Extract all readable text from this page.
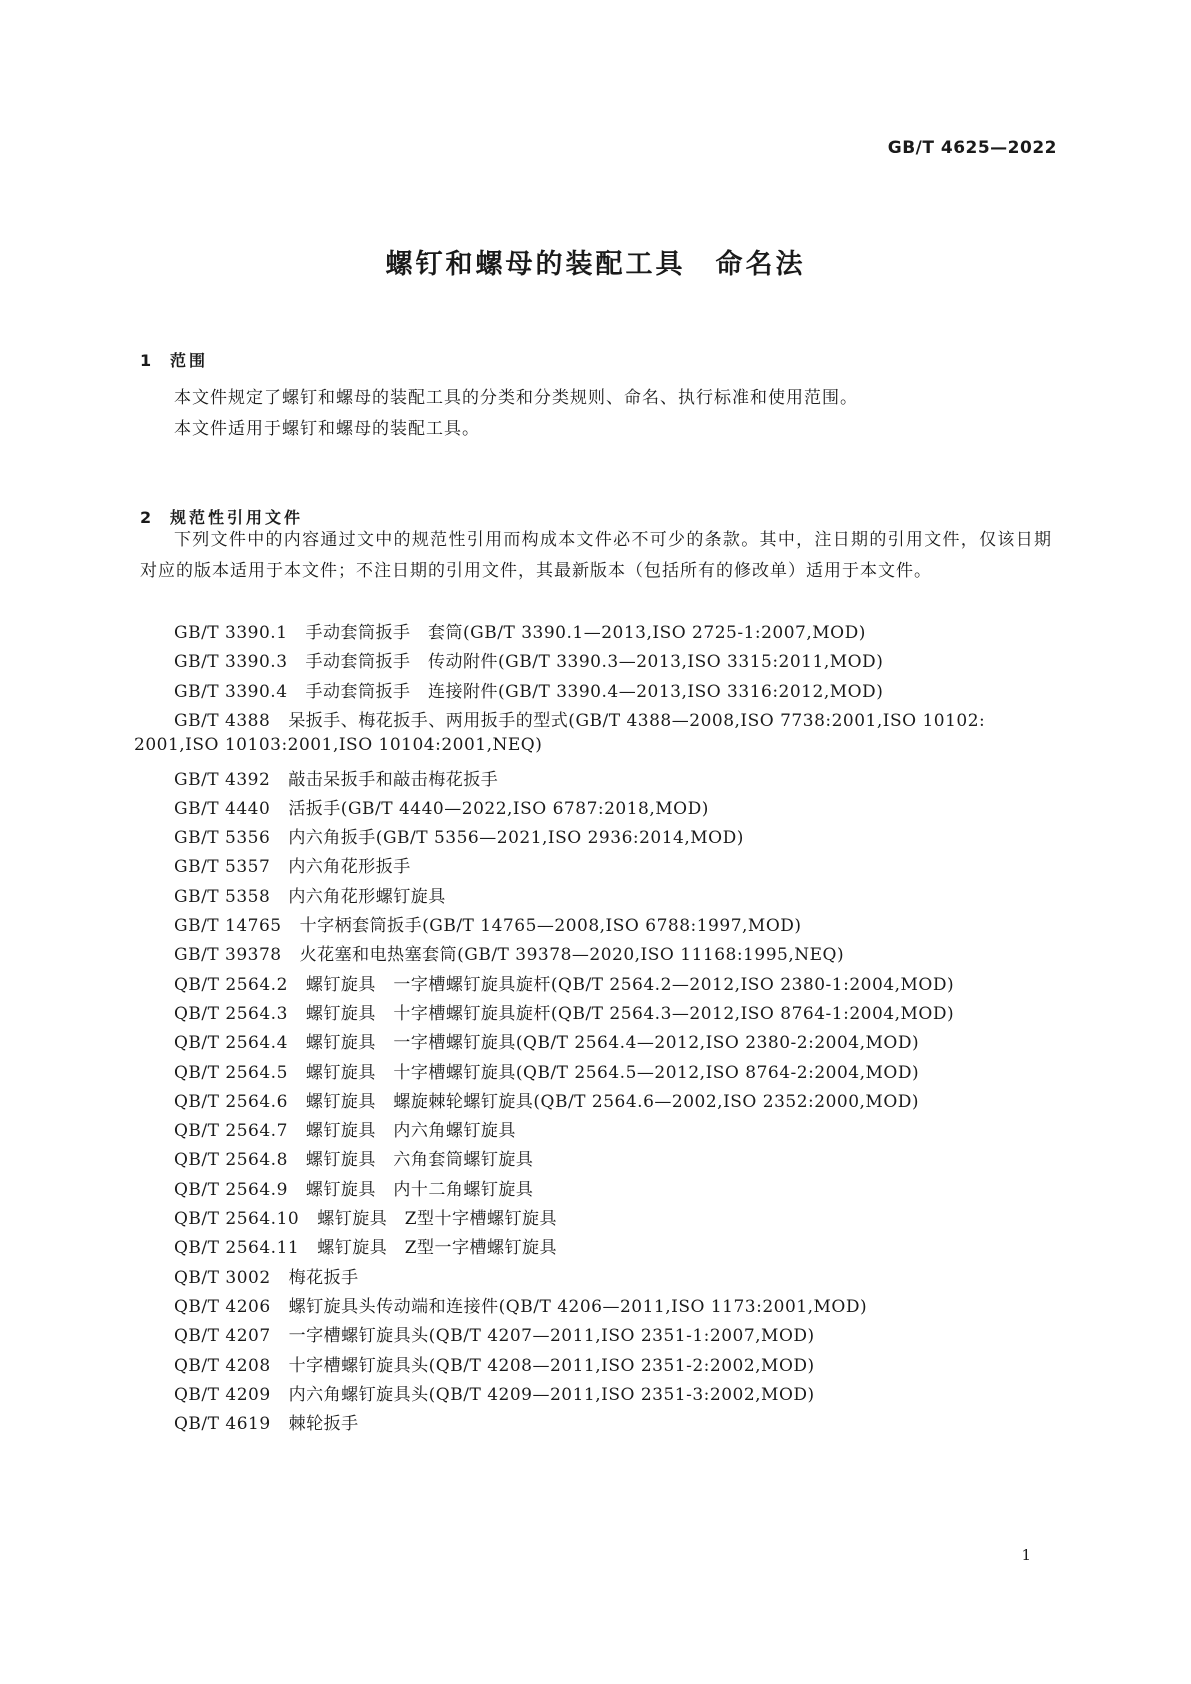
GB/T 4625—2022
螺钉和螺母的装配工具　命名法
1 范围
本文件规定了螺钉和螺母的装配工具的分类和分类规则、命名、执行标准和使用范围。
本文件适用于螺钉和螺母的装配工具。
2 规范性引用文件
下列文件中的内容通过文中的规范性引用而构成本文件必不可少的条款。其中，注日期的引用文件，仅该日期对应的版本适用于本文件；不注日期的引用文件，其最新版本（包括所有的修改单）适用于本文件。
GB/T 3390.1 手动套筒扳手　套筒(GB/T 3390.1—2013,ISO 2725-1:2007,MOD)
GB/T 3390.3 手动套筒扳手　传动附件(GB/T 3390.3—2013,ISO 3315:2011,MOD)
GB/T 3390.4 手动套筒扳手　连接附件(GB/T 3390.4—2013,ISO 3316:2012,MOD)
GB/T 4388 呆扳手、梅花扳手、两用扳手的型式(GB/T 4388—2008,ISO 7738:2001,ISO 10102:
2001,ISO 10103:2001,ISO 10104:2001,NEQ)
GB/T 4392 敲击呆扳手和敲击梅花扳手
GB/T 4440 活扳手(GB/T 4440—2022,ISO 6787:2018,MOD)
GB/T 5356 内六角扳手(GB/T 5356—2021,ISO 2936:2014,MOD)
GB/T 5357 内六角花形扳手
GB/T 5358 内六角花形螺钉旋具
GB/T 14765 十字柄套筒扳手(GB/T 14765—2008,ISO 6788:1997,MOD)
GB/T 39378 火花塞和电热塞套筒(GB/T 39378—2020,ISO 11168:1995,NEQ)
QB/T 2564.2 螺钉旋具　一字槽螺钉旋具旋杆(QB/T 2564.2—2012,ISO 2380-1:2004,MOD)
QB/T 2564.3 螺钉旋具　十字槽螺钉旋具旋杆(QB/T 2564.3—2012,ISO 8764-1:2004,MOD)
QB/T 2564.4 螺钉旋具　一字槽螺钉旋具(QB/T 2564.4—2012,ISO 2380-2:2004,MOD)
QB/T 2564.5 螺钉旋具　十字槽螺钉旋具(QB/T 2564.5—2012,ISO 8764-2:2004,MOD)
QB/T 2564.6 螺钉旋具　螺旋棘轮螺钉旋具(QB/T 2564.6—2002,ISO 2352:2000,MOD)
QB/T 2564.7 螺钉旋具　内六角螺钉旋具
QB/T 2564.8 螺钉旋具　六角套筒螺钉旋具
QB/T 2564.9 螺钉旋具　内十二角螺钉旋具
QB/T 2564.10 螺钉旋具　Z型十字槽螺钉旋具
QB/T 2564.11 螺钉旋具　Z型一字槽螺钉旋具
QB/T 3002 梅花扳手
QB/T 4206 螺钉旋具头传动端和连接件(QB/T 4206—2011,ISO 1173:2001,MOD)
QB/T 4207 一字槽螺钉旋具头(QB/T 4207—2011,ISO 2351-1:2007,MOD)
QB/T 4208 十字槽螺钉旋具头(QB/T 4208—2011,ISO 2351-2:2002,MOD)
QB/T 4209 内六角螺钉旋具头(QB/T 4209—2011,ISO 2351-3:2002,MOD)
QB/T 4619 棘轮扳手
1
